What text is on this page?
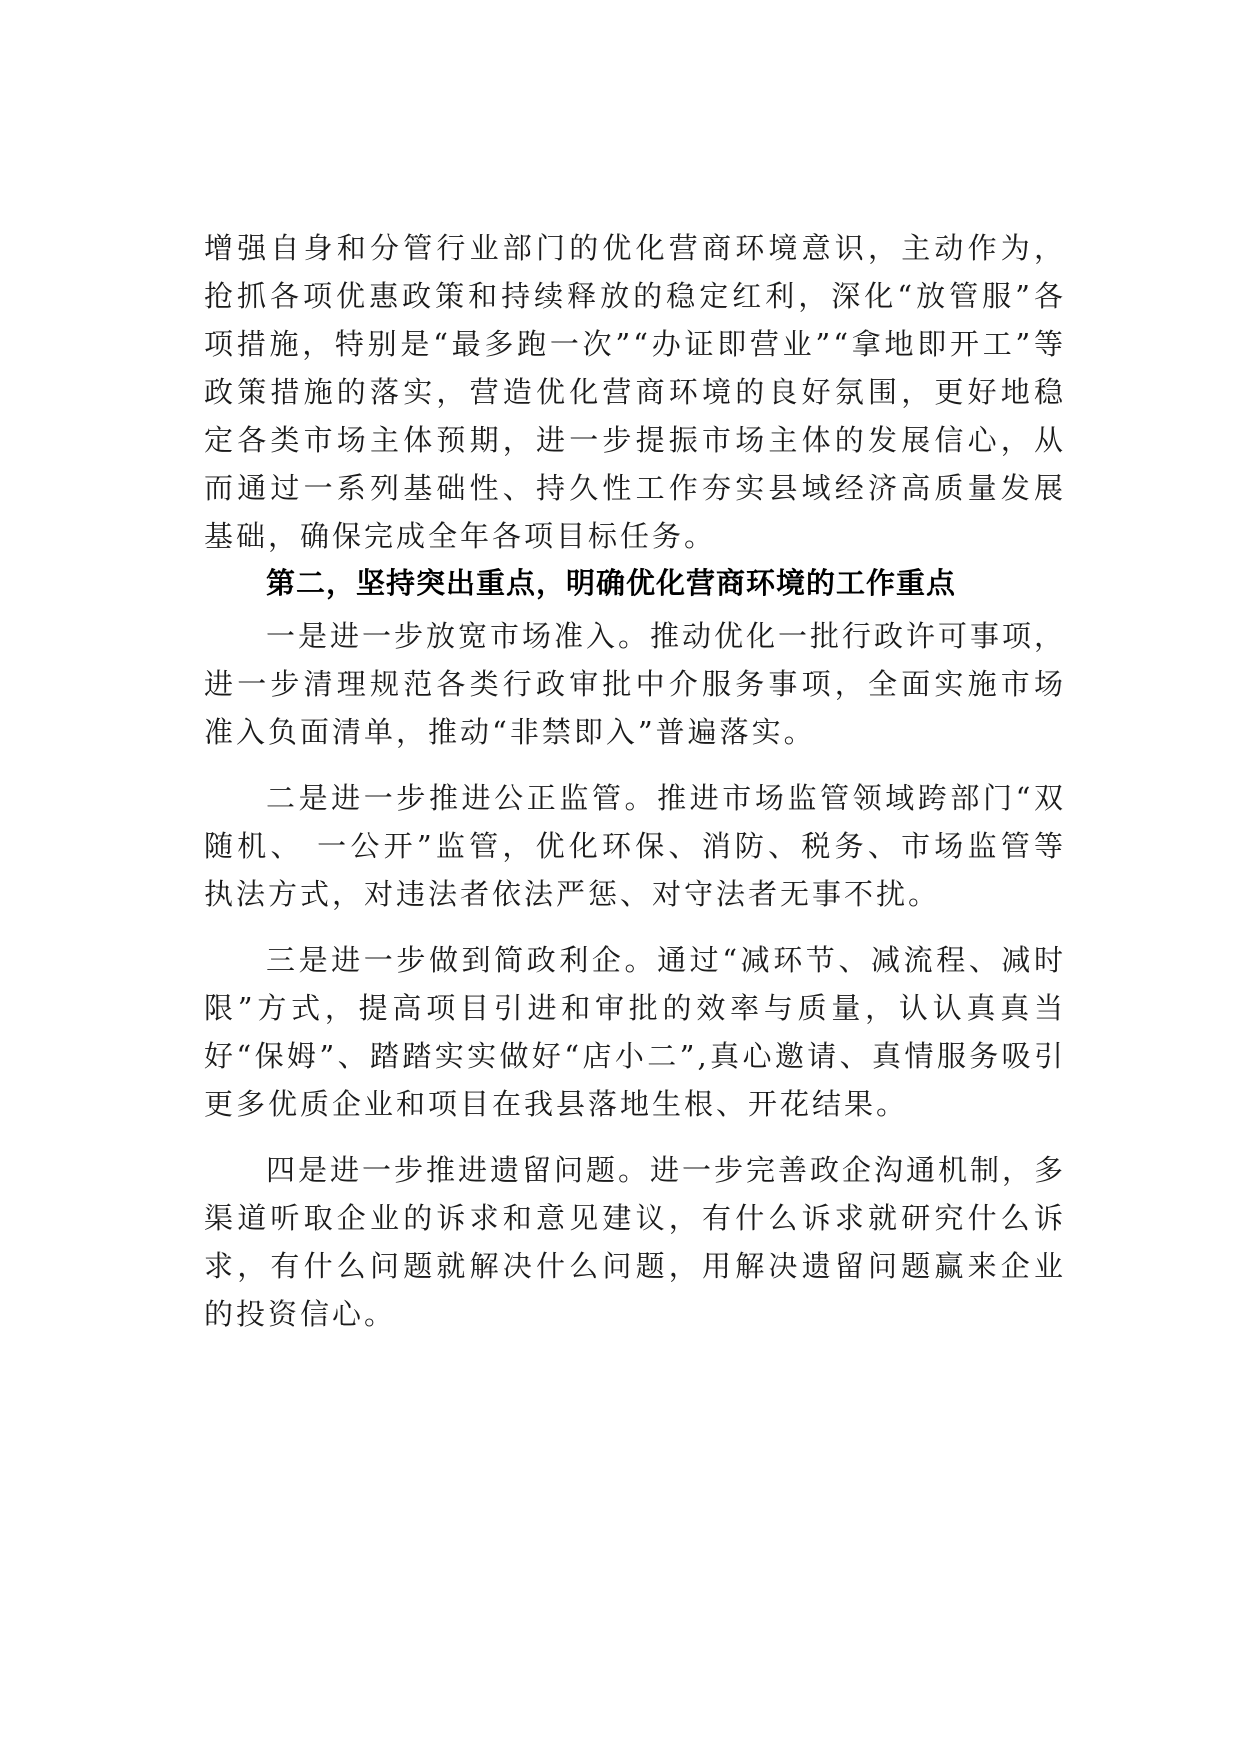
增强自身和分管行业部门的优化营商环境意识，主动作为，抢抓各项优惠政策和持续释放的稳定红利，深化“放管服”各项措施，特别是“最多跑一次”“办证即营业”“拿地即开工”等政策措施的落实，营造优化营商环境的良好氛围，更好地稳定各类市场主体预期，进一步提振市场主体的发展信心，从而通过一系列基础性、持久性工作夯实县域经济高质量发展基础，确保完成全年各项目标任务。

第二，坚持突出重点，明确优化营商环境的工作重点

一是进一步放宽市场准入。推动优化一批行政许可事项，进一步清理规范各类行政审批中介服务事项，全面实施市场准入负面清单，推动“非禁即入”普遍落实。

二是进一步推进公正监管。推进市场监管领域跨部门“双随机、 一公开”监管，优化环保、消防、税务、市场监管等执法方式，对违法者依法严惩、对守法者无事不扰。

三是进一步做到简政利企。通过“减环节、减流程、减时限”方式，提高项目引进和审批的效率与质量，认认真真当好“保姆”、踏踏实实做好“店小二”,真心邀请、真情服务吸引更多优质企业和项目在我县落地生根、开花结果。

四是进一步推进遗留问题。进一步完善政企沟通机制，多渠道听取企业的诉求和意见建议，有什么诉求就研究什么诉求，有什么问题就解决什么问题，用解决遗留问题赢来企业的投资信心。
